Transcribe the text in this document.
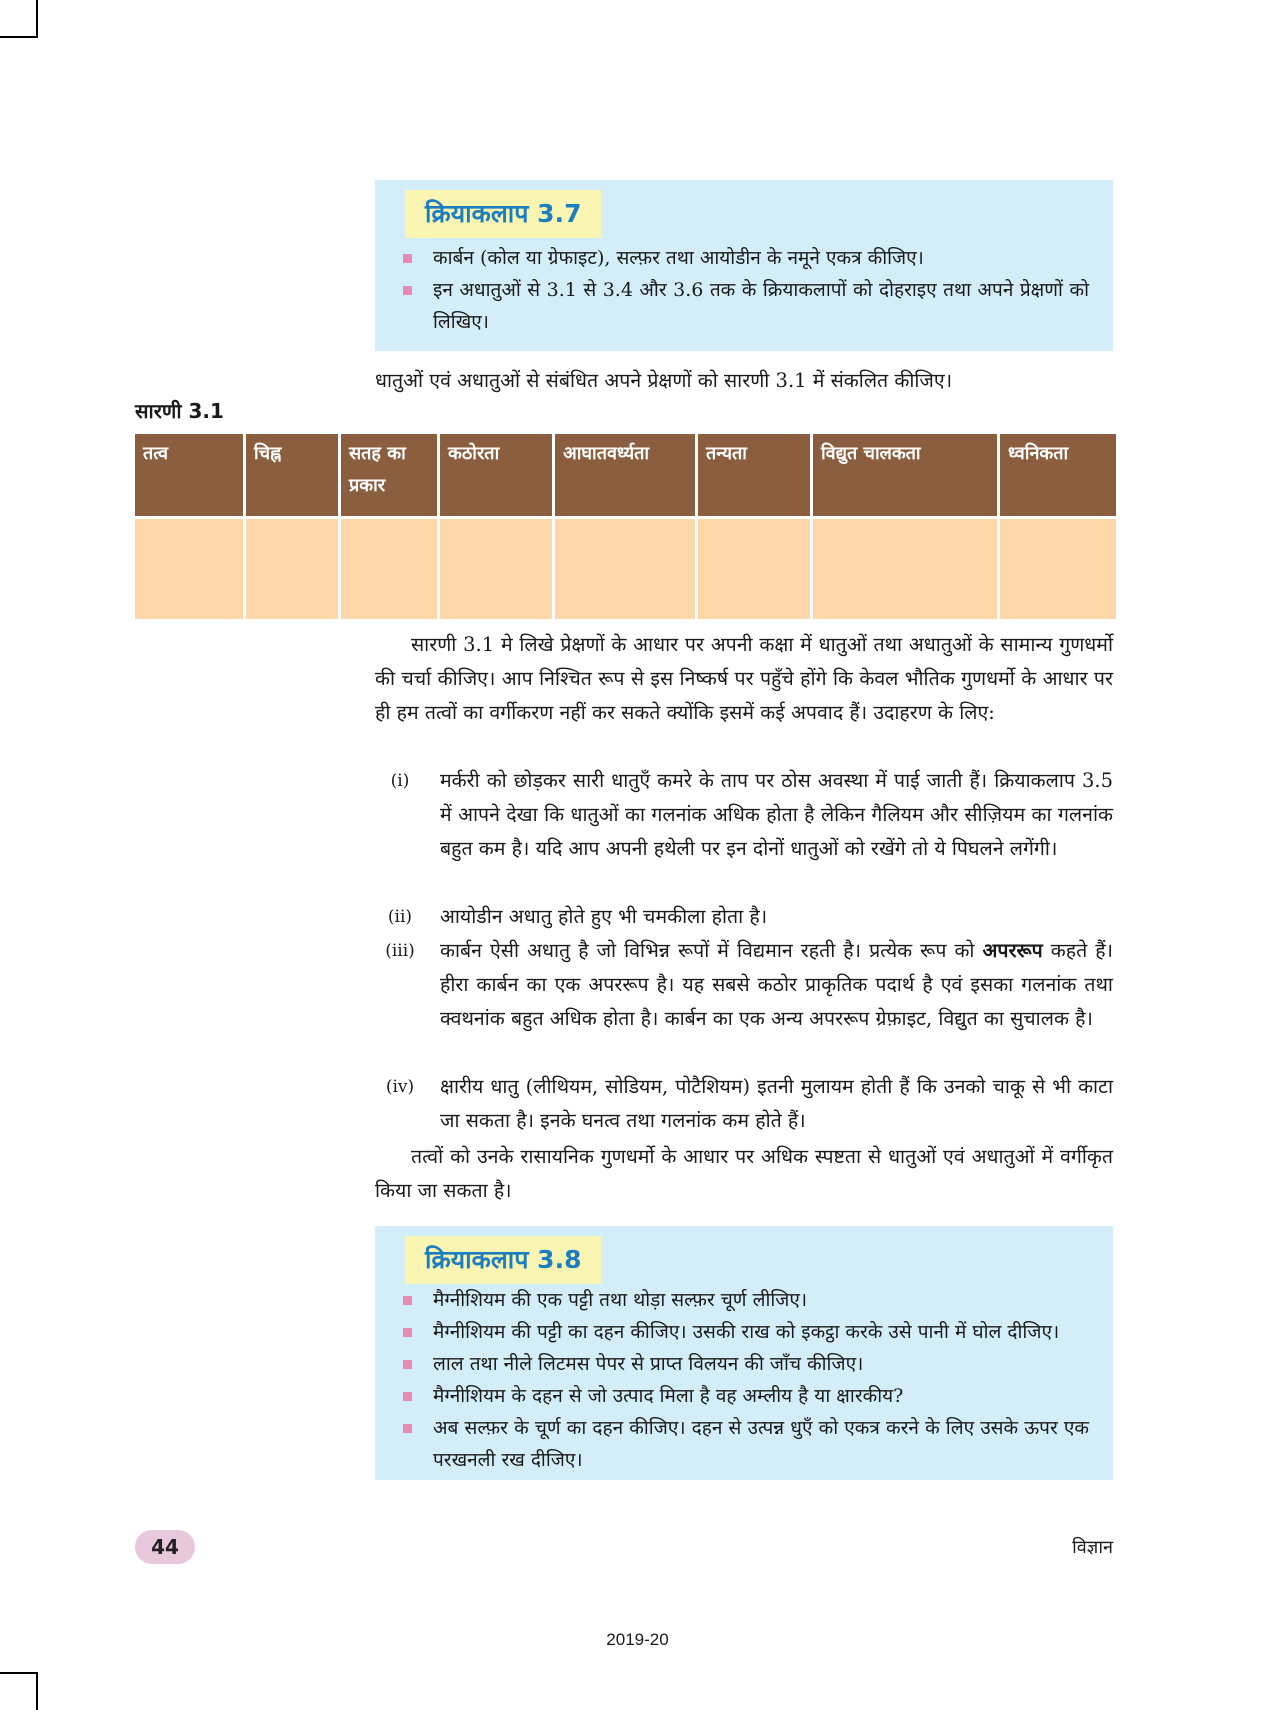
क्रियाकलाप 3.7
कार्बन (कोल या ग्रेफाइट), सल्फ़र तथा आयोडीन के नमूने एकत्र कीजिए।
इन अधातुओं से 3.1 से 3.4 और 3.6 तक के क्रियाकलापों को दोहराइए तथा अपने प्रेक्षणों को लिखिए।
धातुओं एवं अधातुओं से संबंधित अपने प्रेक्षणों को सारणी 3.1 में संकलित कीजिए।
सारणी 3.1
तत्व	चिह्न	सतह का प्रकार	कठोरता	आघातवर्ध्यता	तन्यता	विद्युत चालकता	ध्वनिकता

सारणी 3.1 मे लिखे प्रेक्षणों के आधार पर अपनी कक्षा में धातुओं तथा अधातुओं के सामान्य गुणधर्मो की चर्चा कीजिए। आप निश्चित रूप से इस निष्कर्ष पर पहुँचे होंगे कि केवल भौतिक गुणधर्मो के आधार पर ही हम तत्वों का वर्गीकरण नहीं कर सकते क्योंकि इसमें कई अपवाद हैं। उदाहरण के लिए:
(i)	मर्करी को छोड़कर सारी धातुएँ कमरे के ताप पर ठोस अवस्था में पाई जाती हैं। क्रियाकलाप 3.5 में आपने देखा कि धातुओं का गलनांक अधिक होता है लेकिन गैलियम और सीज़ियम का गलनांक बहुत कम है। यदि आप अपनी हथेली पर इन दोनों धातुओं को रखेंगे तो ये पिघलने लगेंगी।
(ii)	आयोडीन अधातु होते हुए भी चमकीला होता है।
(iii) कार्बन ऐसी अधातु है जो विभिन्न रूपों में विद्यमान रहती है। प्रत्येक रूप को अपररूप कहते हैं। हीरा कार्बन का एक अपररूप है। यह सबसे कठोर प्राकृतिक पदार्थ है एवं इसका गलनांक तथा क्वथनांक बहुत अधिक होता है। कार्बन का एक अन्य अपररूप ग्रेफ़ाइट, विद्युत का सुचालक है।
(iv) क्षारीय धातु (लीथियम, सोडियम, पोटैशियम) इतनी मुलायम होती हैं कि उनको चाकू से भी काटा जा सकता है। इनके घनत्व तथा गलनांक कम होते हैं।
तत्वों को उनके रासायनिक गुणधर्मो के आधार पर अधिक स्पष्टता से धातुओं एवं अधातुओं में वर्गीकृत किया जा सकता है।
क्रियाकलाप 3.8
मैग्नीशियम की एक पट्टी तथा थोड़ा सल्फ़र चूर्ण लीजिए।
मैग्नीशियम की पट्टी का दहन कीजिए। उसकी राख को इकट्ठा करके उसे पानी में घोल दीजिए।
लाल तथा नीले लिटमस पेपर से प्राप्त विलयन की जाँच कीजिए।
मैग्नीशियम के दहन से जो उत्पाद मिला है वह अम्लीय है या क्षारकीय?
अब सल्फ़र के चूर्ण का दहन कीजिए। दहन से उत्पन्न धुएँ को एकत्र करने के लिए उसके ऊपर एक परखनली रख दीजिए।
44	विज्ञान
2019-20
